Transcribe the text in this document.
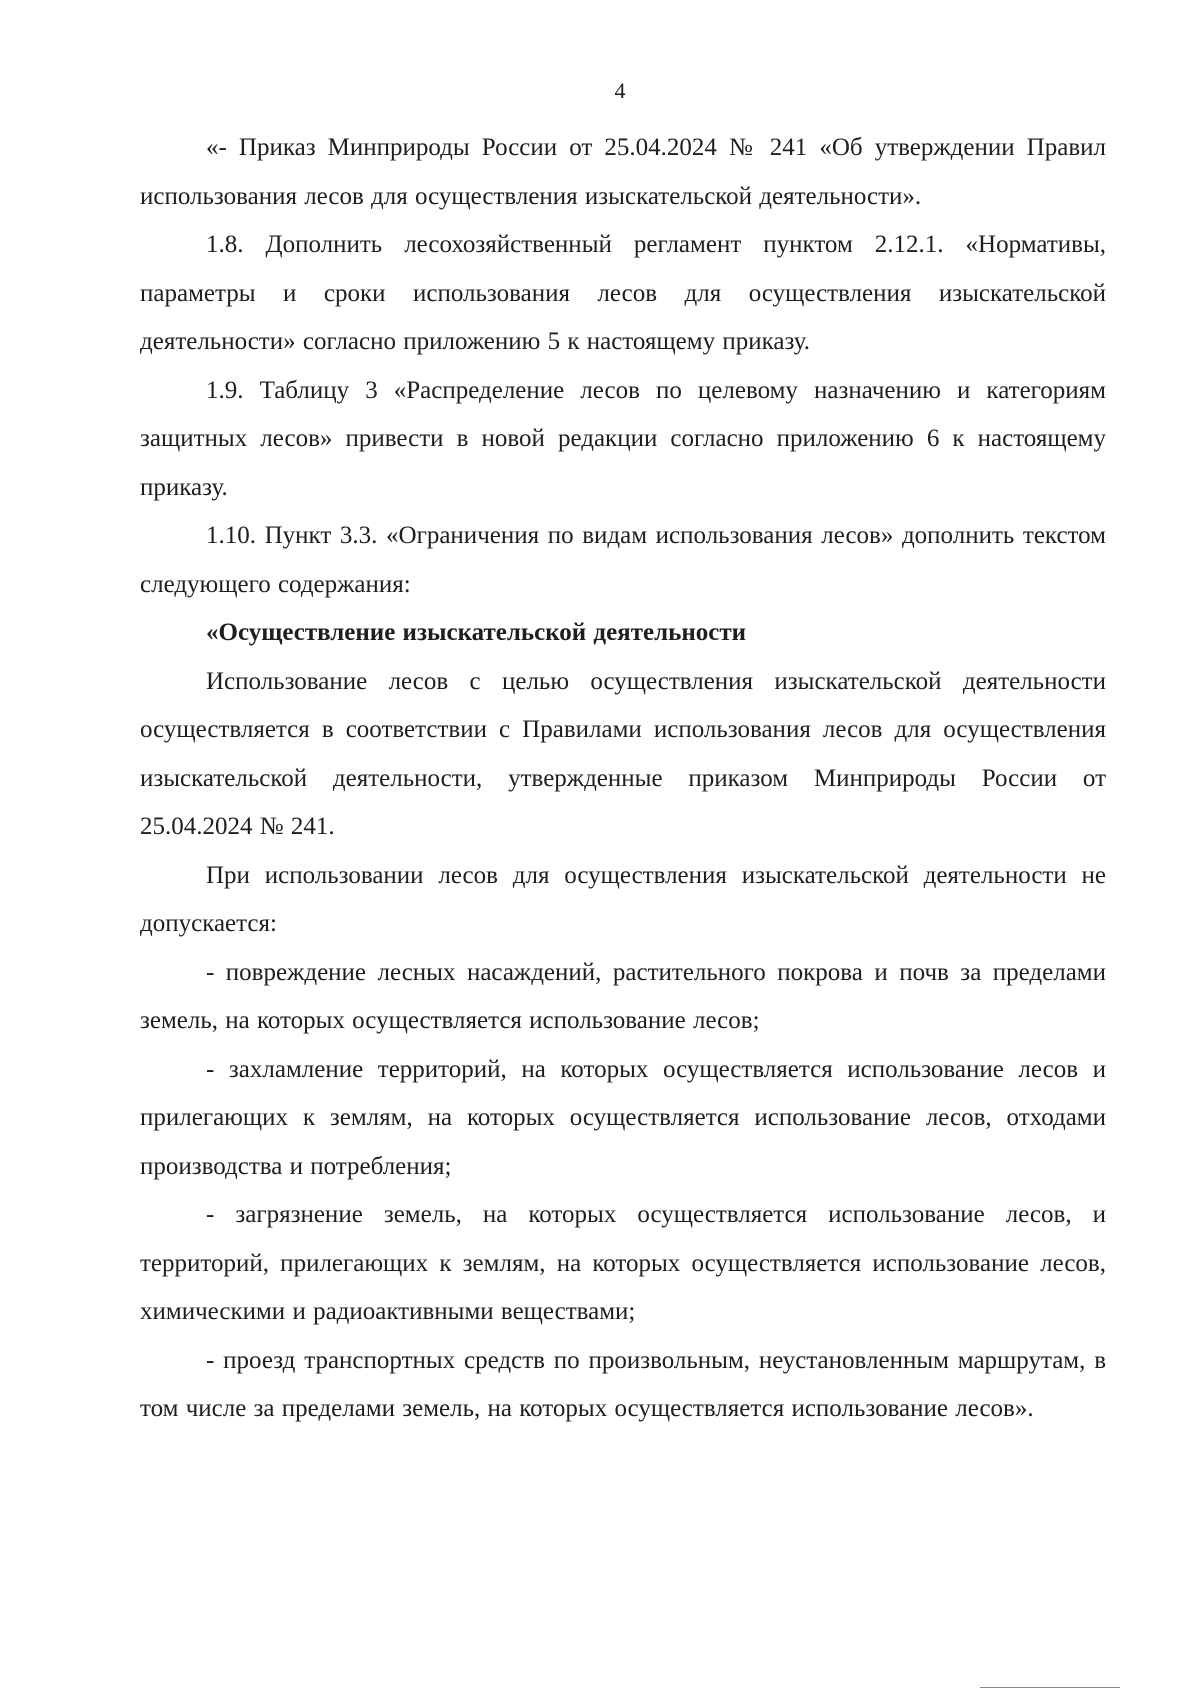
4

«- Приказ Минприроды России от 25.04.2024 № 241 «Об утверждении Правил использования лесов для осуществления изыскательской деятельности».

1.8. Дополнить лесохозяйственный регламент пунктом 2.12.1. «Нормативы, параметры и сроки использования лесов для осуществления изыскательской деятельности» согласно приложению 5 к настоящему приказу.

1.9. Таблицу 3 «Распределение лесов по целевому назначению и категориям защитных лесов» привести в новой редакции согласно приложению 6 к настоящему приказу.

1.10. Пункт 3.3. «Ограничения по видам использования лесов» дополнить текстом следующего содержания:

«Осуществление изыскательской деятельности

Использование лесов с целью осуществления изыскательской деятельности осуществляется в соответствии с Правилами использования лесов для осуществления изыскательской деятельности, утвержденные приказом Минприроды России от 25.04.2024 № 241.

При использовании лесов для осуществления изыскательской деятельности не допускается:

- повреждение лесных насаждений, растительного покрова и почв за пределами земель, на которых осуществляется использование лесов;

- захламление территорий, на которых осуществляется использование лесов и прилегающих к землям, на которых осуществляется использование лесов, отходами производства и потребления;

- загрязнение земель, на которых осуществляется использование лесов, и территорий, прилегающих к землям, на которых осуществляется использование лесов, химическими и радиоактивными веществами;

- проезд транспортных средств по произвольным, неустановленным маршрутам, в том числе за пределами земель, на которых осуществляется использование лесов».
